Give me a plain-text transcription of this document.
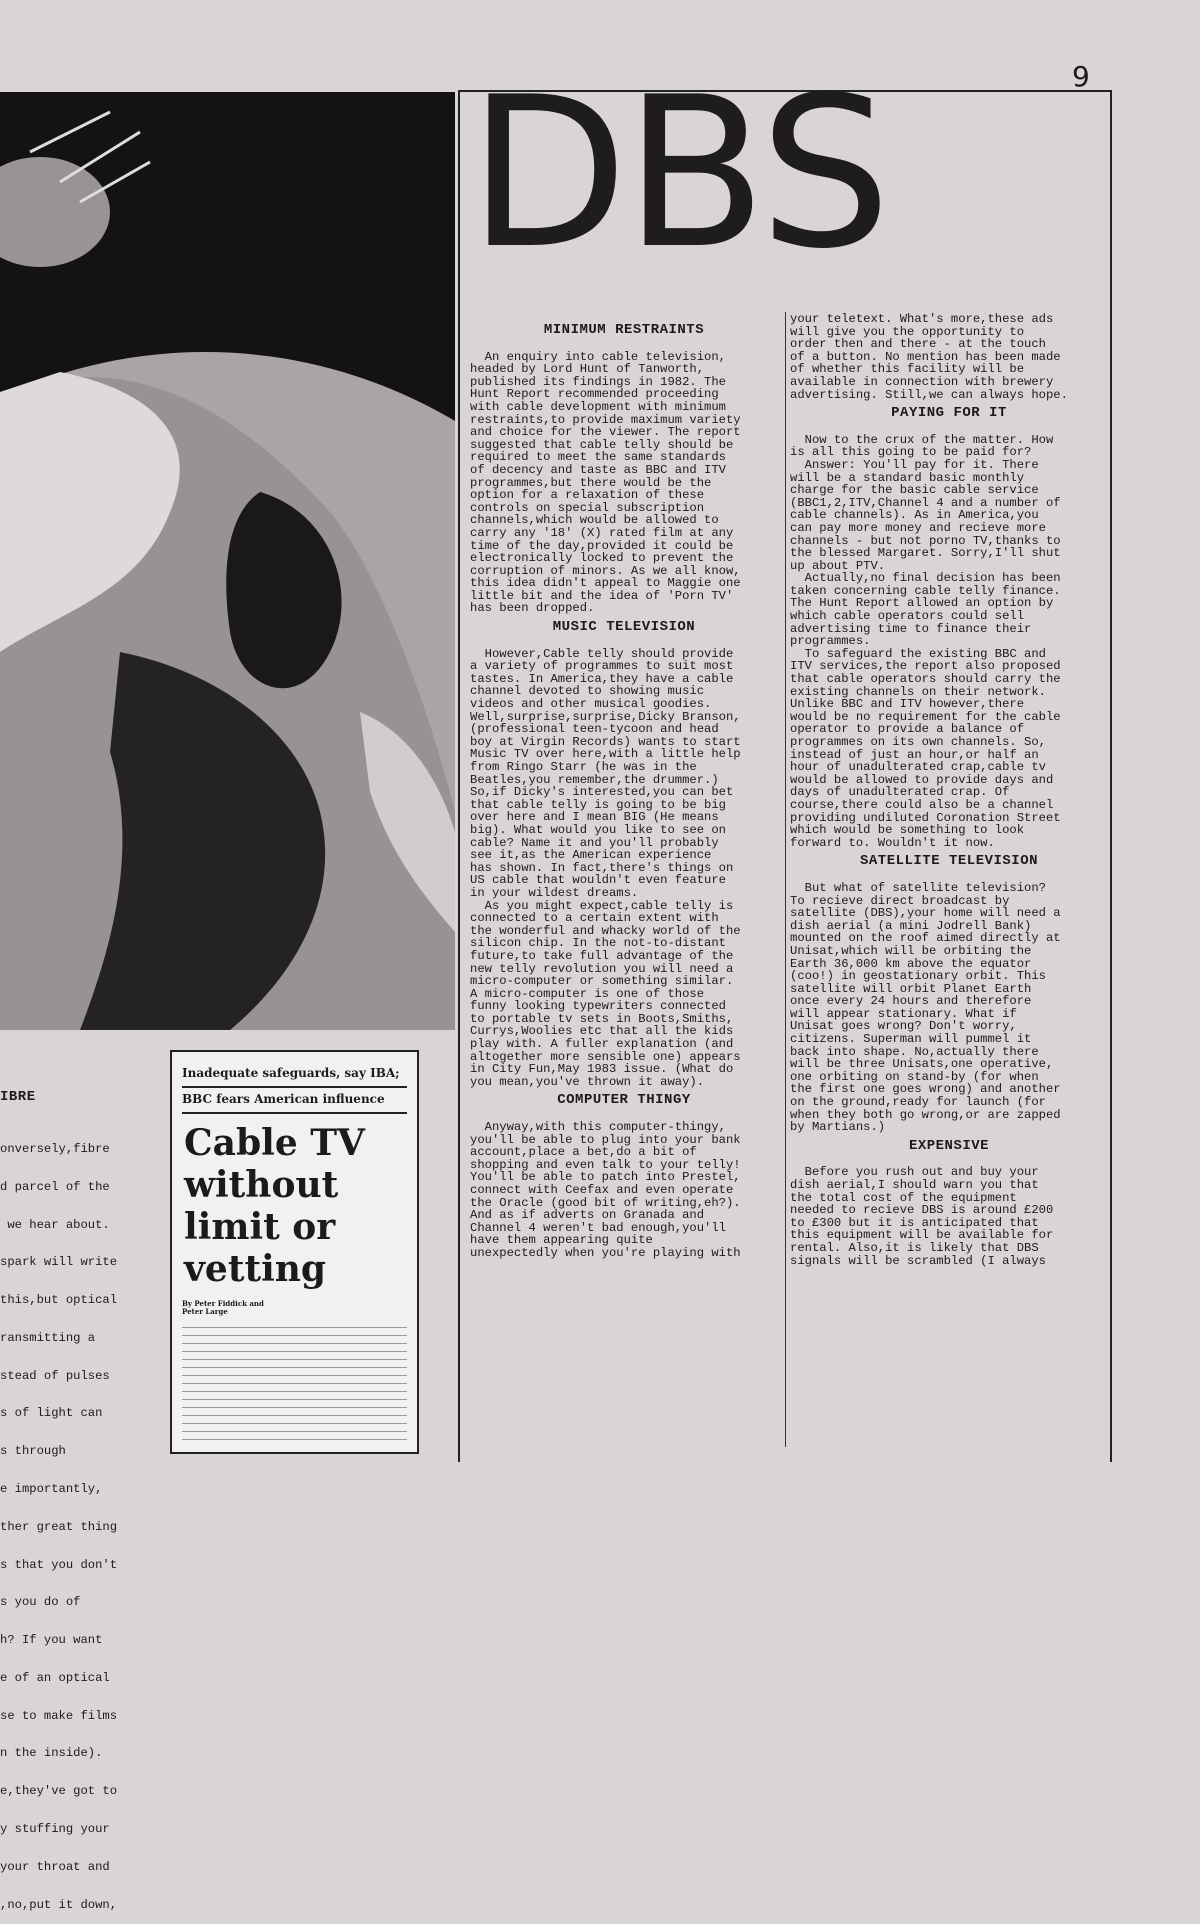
9
DBS

IBRE

onversely,fibre

d parcel of the

we hear about.

spark will write

this,but optical

ransmitting a

stead of pulses

s of light can

s through

e importantly,

ther great thing

s that you don't

s you do of

h? If you want

e of an optical

se to make films

n the inside).

e,they've got to

y stuffing your

your throat and

,no,put it down,

Inadequate safeguards, say IBA;
BBC fears American influence
Cable TV
without
limit or
vetting
By Peter Fiddick and
Peter Large
MINIMUM RESTRAINTS
An enquiry into cable television,
headed by Lord Hunt of Tanworth,
published its findings in 1982. The
Hunt Report recommended proceeding
with cable development with minimum
restraints,to provide maximum variety
and choice for the viewer. The report
suggested that cable telly should be
required to meet the same standards
of decency and taste as BBC and ITV
programmes,but there would be the
option for a relaxation of these
controls on special subscription
channels,which would be allowed to
carry any '18' (X) rated film at any
time of the day,provided it could be
electronically locked to prevent the
corruption of minors. As we all know,
this idea didn't appeal to Maggie one
little bit and the idea of 'Porn TV'
has been dropped.
MUSIC TELEVISION
However,Cable telly should provide
a variety of programmes to suit most
tastes. In America,they have a cable
channel devoted to showing music
videos and other musical goodies.
Well,surprise,surprise,Dicky Branson,
(professional teen-tycoon and head
boy at Virgin Records) wants to start
Music TV over here,with a little help
from Ringo Starr (he was in the
Beatles,you remember,the drummer.)
So,if Dicky's interested,you can bet
that cable telly is going to be big
over here and I mean BIG (He means
big). What would you like to see on
cable? Name it and you'll probably
see it,as the American experience
has shown. In fact,there's things on
US cable that wouldn't even feature
in your wildest dreams.
As you might expect,cable telly is
connected to a certain extent with
the wonderful and whacky world of the
silicon chip. In the not-to-distant
future,to take full advantage of the
new telly revolution you will need a
micro-computer or something similar.
A micro-computer is one of those
funny looking typewriters connected
to portable tv sets in Boots,Smiths,
Currys,Woolies etc that all the kids
play with. A fuller explanation (and
altogether more sensible one) appears
in City Fun,May 1983 issue. (What do
you mean,you've thrown it away).
COMPUTER THINGY
Anyway,with this computer-thingy,
you'll be able to plug into your bank
account,place a bet,do a bit of
shopping and even talk to your telly!
You'll be able to patch into Prestel,
connect with Ceefax and even operate
the Oracle (good bit of writing,eh?).
And as if adverts on Granada and
Channel 4 weren't bad enough,you'll
have them appearing quite
unexpectedly when you're playing with
your teletext. What's more,these ads
will give you the opportunity to
order then and there - at the touch
of a button. No mention has been made
of whether this facility will be
available in connection with brewery
advertising. Still,we can always hope.
PAYING FOR IT
Now to the crux of the matter. How
is all this going to be paid for?
Answer: You'll pay for it. There
will be a standard basic monthly
charge for the basic cable service
(BBC1,2,ITV,Channel 4 and a number of
cable channels). As in America,you
can pay more money and recieve more
channels - but not porno TV,thanks to
the blessed Margaret. Sorry,I'll shut
up about PTV.
Actually,no final decision has been
taken concerning cable telly finance.
The Hunt Report allowed an option by
which cable operators could sell
advertising time to finance their
programmes.
To safeguard the existing BBC and
ITV services,the report also proposed
that cable operators should carry the
existing channels on their network.
Unlike BBC and ITV however,there
would be no requirement for the cable
operator to provide a balance of
programmes on its own channels. So,
instead of just an hour,or half an
hour of unadulterated crap,cable tv
would be allowed to provide days and
days of unadulterated crap. Of
course,there could also be a channel
providing undiluted Coronation Street
which would be something to look
forward to. Wouldn't it now.
SATELLITE TELEVISION
But what of satellite television?
To recieve direct broadcast by
satellite (DBS),your home will need a
dish aerial (a mini Jodrell Bank)
mounted on the roof aimed directly at
Unisat,which will be orbiting the
Earth 36,000 km above the equator
(coo!) in geostationary orbit. This
satellite will orbit Planet Earth
once every 24 hours and therefore
will appear stationary. What if
Unisat goes wrong? Don't worry,
citizens. Superman will pummel it
back into shape. No,actually there
will be three Unisats,one operative,
one orbiting on stand-by (for when
the first one goes wrong) and another
on the ground,ready for launch (for
when they both go wrong,or are zapped
by Martians.)
EXPENSIVE
Before you rush out and buy your
dish aerial,I should warn you that
the total cost of the equipment
needed to recieve DBS is around £200
to £300 but it is anticipated that
this equipment will be available for
rental. Also,it is likely that DBS
signals will be scrambled (I always
